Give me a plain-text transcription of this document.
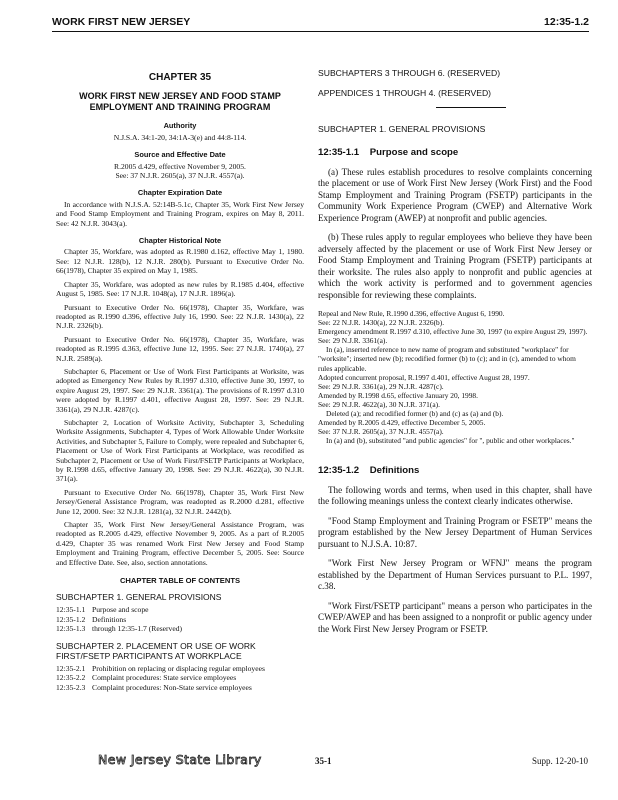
WORK FIRST NEW JERSEY	12:35-1.2
CHAPTER 35
WORK FIRST NEW JERSEY AND FOOD STAMP EMPLOYMENT AND TRAINING PROGRAM
Authority
N.J.S.A. 34:1-20, 34:1A-3(e) and 44:8-114.
Source and Effective Date
R.2005 d.429, effective November 9, 2005.
See: 37 N.J.R. 2605(a), 37 N.J.R. 4557(a).
Chapter Expiration Date
In accordance with N.J.S.A. 52:14B-5.1c, Chapter 35, Work First New Jersey and Food Stamp Employment and Training Program, expires on May 8, 2011. See: 42 N.J.R. 3043(a).
Chapter Historical Note
Chapter 35, Workfare, was adopted as R.1980 d.162, effective May 1, 1980. See: 12 N.J.R. 128(b), 12 N.J.R. 280(b). Pursuant to Executive Order No. 66(1978), Chapter 35 expired on May 1, 1985.
Chapter 35, Workfare, was adopted as new rules by R.1985 d.404, effective August 5, 1985. See: 17 N.J.R. 1048(a), 17 N.J.R. 1896(a).
Pursuant to Executive Order No. 66(1978), Chapter 35, Workfare, was readopted as R.1990 d.396, effective July 16, 1990. See: 22 N.J.R. 1430(a), 22 N.J.R. 2326(b).
Pursuant to Executive Order No. 66(1978), Chapter 35, Workfare, was readopted as R.1995 d.363, effective June 12, 1995. See: 27 N.J.R. 1740(a), 27 N.J.R. 2589(a).
Subchapter 6, Placement or Use of Work First Participants at Worksite, was adopted as Emergency New Rules by R.1997 d.310, effective June 30, 1997, to expire August 29, 1997. See: 29 N.J.R. 3361(a). The provisions of R.1997 d.310 were adopted by R.1997 d.401, effective August 28, 1997. See: 29 N.J.R. 3361(a), 29 N.J.R. 4287(c).
Subchapter 2, Location of Worksite Activity, Subchapter 3, Scheduling Worksite Assignments, Subchapter 4, Types of Work Allowable Under Worksite Activities, and Subchapter 5, Failure to Comply, were repealed and Subchapter 6, Placement or Use of Work First Participants at Workplace, was recodified as Subchapter 2, Placement or Use of Work First/FSETP Participants at Workplace, by R.1998 d.65, effective January 20, 1998. See: 29 N.J.R. 4622(a), 30 N.J.R. 371(a).
Pursuant to Executive Order No. 66(1978), Chapter 35, Work First New Jersey/General Assistance Program, was readopted as R.2000 d.281, effective June 12, 2000. See: 32 N.J.R. 1281(a), 32 N.J.R. 2442(b).
Chapter 35, Work First New Jersey/General Assistance Program, was readopted as R.2005 d.429, effective November 9, 2005. As a part of R.2005 d.429, Chapter 35 was renamed Work First New Jersey and Food Stamp Employment and Training Program, effective December 5, 2005. See: Source and Effective Date. See, also, section annotations.
CHAPTER TABLE OF CONTENTS
SUBCHAPTER 1. GENERAL PROVISIONS
12:35-1.1 Purpose and scope
12:35-1.2 Definitions
12:35-1.3 through 12:35-1.7 (Reserved)
SUBCHAPTER 2. PLACEMENT OR USE OF WORK FIRST/FSETP PARTICIPANTS AT WORKPLACE
12:35-2.1 Prohibition on replacing or displacing regular employees
12:35-2.2 Complaint procedures: State service employees
12:35-2.3 Complaint procedures: Non-State service employees
SUBCHAPTERS 3 THROUGH 6. (RESERVED)
APPENDICES 1 THROUGH 4. (RESERVED)
SUBCHAPTER 1. GENERAL PROVISIONS
12:35-1.1 Purpose and scope
(a) These rules establish procedures to resolve complaints concerning the placement or use of Work First New Jersey (Work First) and the Food Stamp Employment and Training Program (FSETP) participants in the Community Work Experience Program (CWEP) and Alternative Work Experience Program (AWEP) at nonprofit and public agencies.
(b) These rules apply to regular employees who believe they have been adversely affected by the placement or use of Work First New Jersey or Food Stamp Employment and Training Program (FSETP) participants at their worksite. The rules also apply to nonprofit and public agencies at which the work activity is performed and to government agencies responsible for reviewing these complaints.
Repeal and New Rule, R.1990 d.396, effective August 6, 1990.
See: 22 N.J.R. 1430(a), 22 N.J.R. 2326(b).
Emergency amendment R.1997 d.310, effective June 30, 1997 (to expire August 29, 1997).
See: 29 N.J.R. 3361(a).
In (a), inserted reference to new name of program and substituted "workplace" for "worksite"; inserted new (b); recodified former (b) to (c); and in (c), amended to whom rules applicable.
Adopted concurrent proposal, R.1997 d.401, effective August 28, 1997.
See: 29 N.J.R. 3361(a), 29 N.J.R. 4287(c).
Amended by R.1998 d.65, effective January 20, 1998.
See: 29 N.J.R. 4622(a), 30 N.J.R. 371(a).
Deleted (a); and recodified former (b) and (c) as (a) and (b).
Amended by R.2005 d.429, effective December 5, 2005.
See: 37 N.J.R. 2605(a), 37 N.J.R. 4557(a).
In (a) and (b), substituted "and public agencies" for ", public and other workplaces."
12:35-1.2 Definitions
The following words and terms, when used in this chapter, shall have the following meanings unless the context clearly indicates otherwise.
"Food Stamp Employment and Training Program or FSETP" means the program established by the New Jersey Department of Human Services pursuant to N.J.S.A. 10:87.
"Work First New Jersey Program or WFNJ" means the program established by the Department of Human Services pursuant to P.L. 1997, c.38.
"Work First/FSETP participant" means a person who participates in the CWEP/AWEP and has been assigned to a nonprofit or public agency under the Work First New Jersey Program or FSETP.
New Jersey State Library	35-1	Supp. 12-20-10
